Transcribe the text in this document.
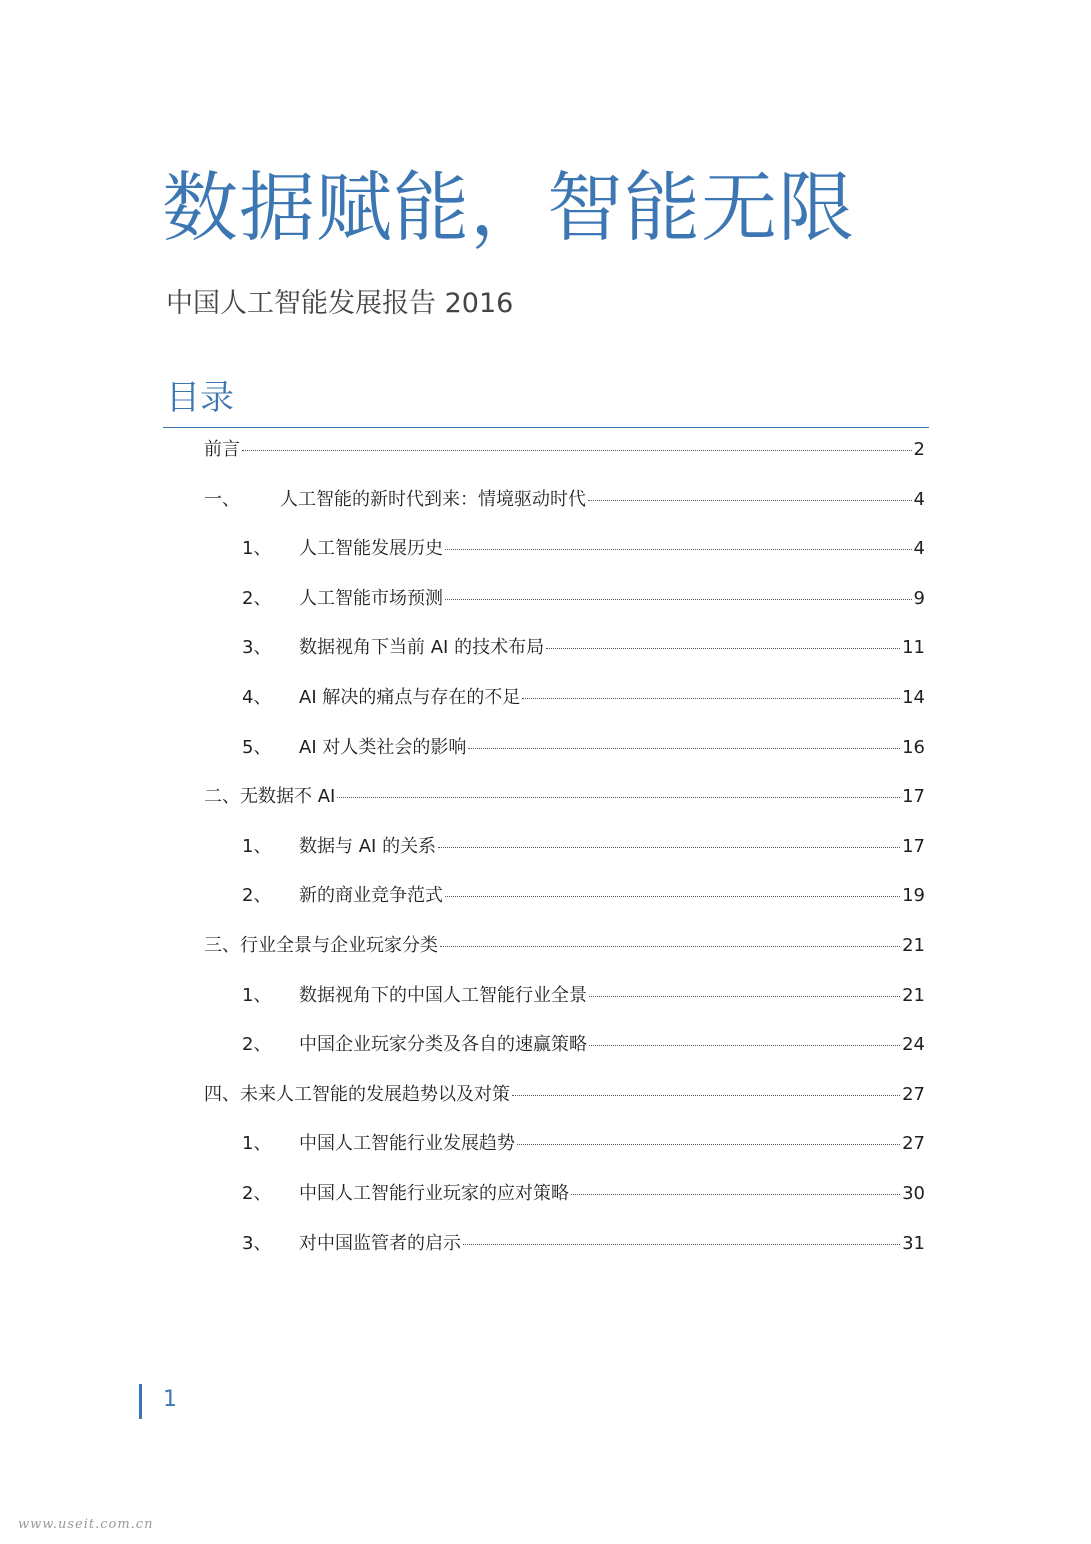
数据赋能，智能无限
中国人工智能发展报告 2016
目录
前言	2
一、	人工智能的新时代到来：情境驱动时代	4
1、	人工智能发展历史	4
2、	人工智能市场预测	9
3、	数据视角下当前 AI 的技术布局	11
4、	AI 解决的痛点与存在的不足	14
5、	AI 对人类社会的影响	16
二、无数据不 AI	17
1、	数据与 AI 的关系	17
2、	新的商业竞争范式	19
三、行业全景与企业玩家分类	21
1、	数据视角下的中国人工智能行业全景	21
2、	中国企业玩家分类及各自的速赢策略	24
四、未来人工智能的发展趋势以及对策	27
1、	中国人工智能行业发展趋势	27
2、	中国人工智能行业玩家的应对策略	30
3、	对中国监管者的启示	31
1
www.useit.com.cn
